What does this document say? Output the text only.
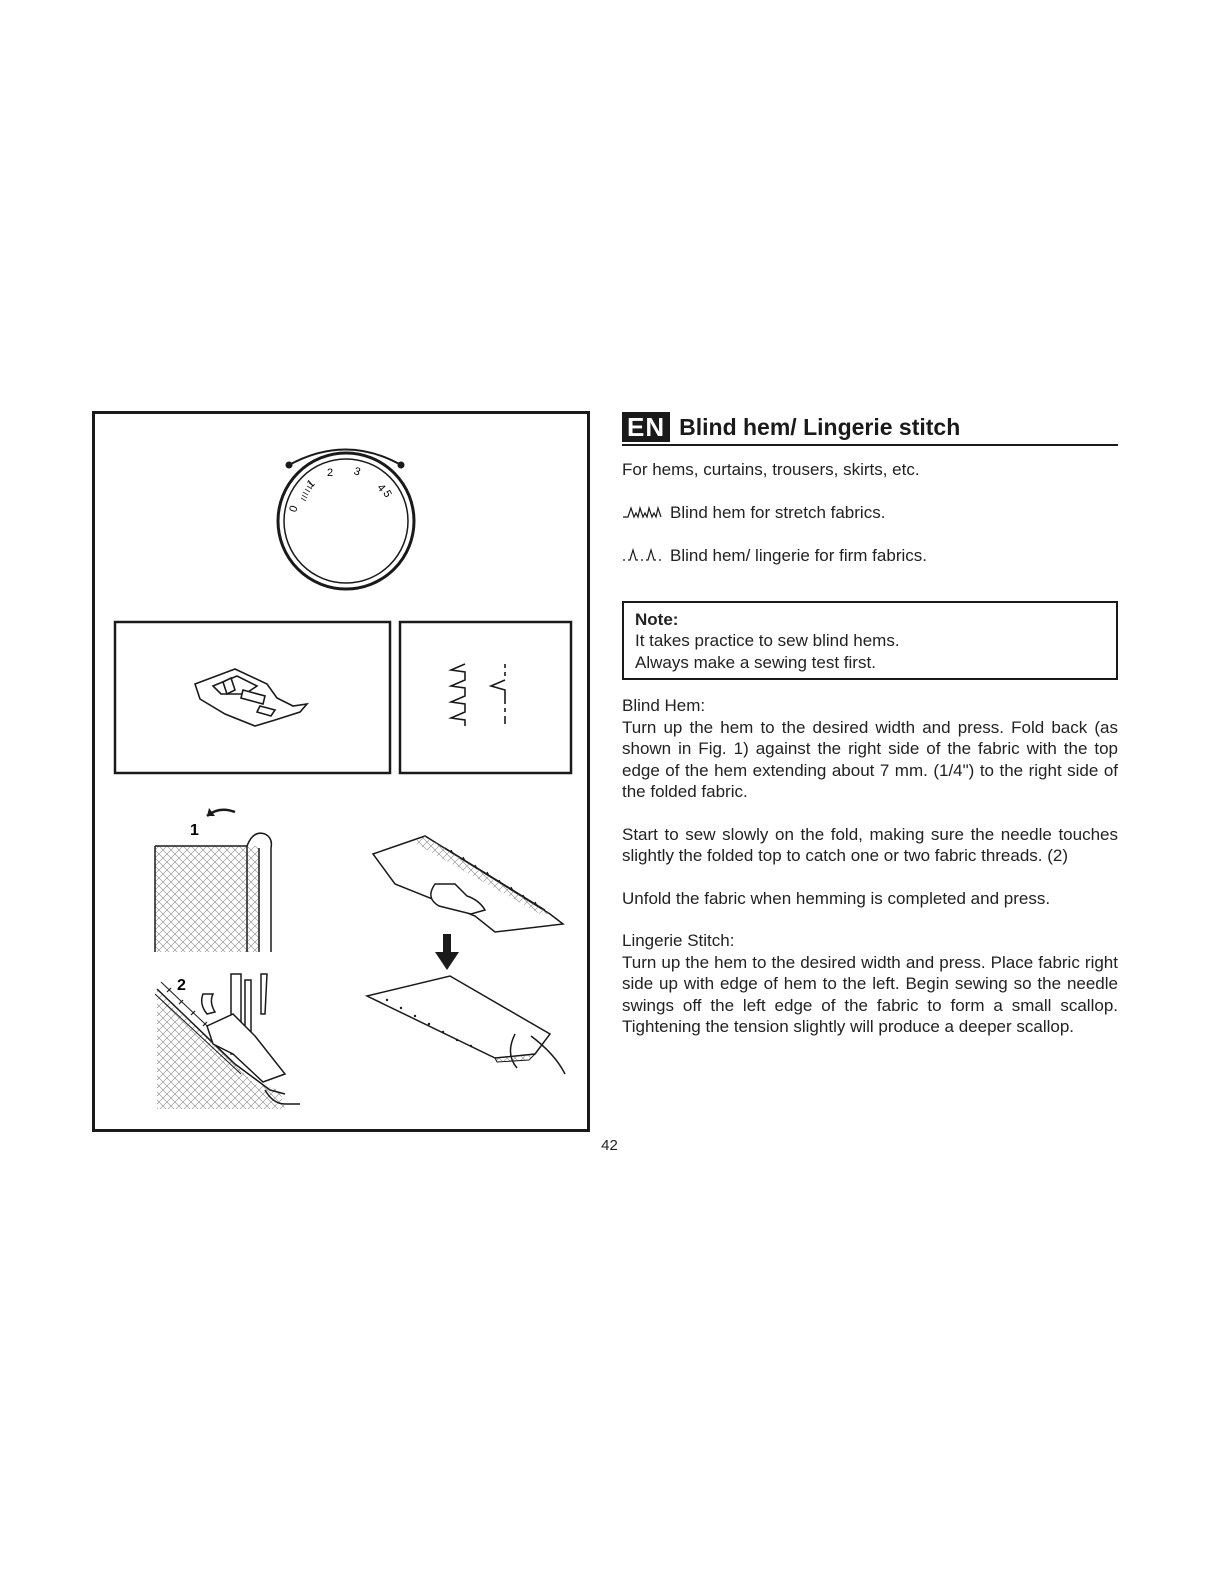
0
1
2 3
4
5
1
2
EN Blind hem/ Lingerie stitch

For hems, curtains, trousers, skirts, etc.

Blind hem for stretch fabrics.
Blind hem/ lingerie for firm fabrics.
Note:
It takes practice to sew blind hems.
Always make a sewing test first.
Blind Hem:

Turn up the hem to the desired width and press. Fold back (as shown in Fig. 1) against the right side of the fabric with the top edge of the hem extending about 7 mm. (1/4") to the right side of the folded fabric.

Start to sew slowly on the fold, making sure the needle touches slightly the folded top to catch one or two fabric threads. (2)

Unfold the fabric when hemming is completed and press.

Lingerie Stitch:

Turn up the hem to the desired width and press. Place fabric right side up with edge of hem to the left. Begin sewing so the needle swings off the left edge of the fabric to form a small scallop. Tightening the tension slightly will produce a deeper scallop.

42
